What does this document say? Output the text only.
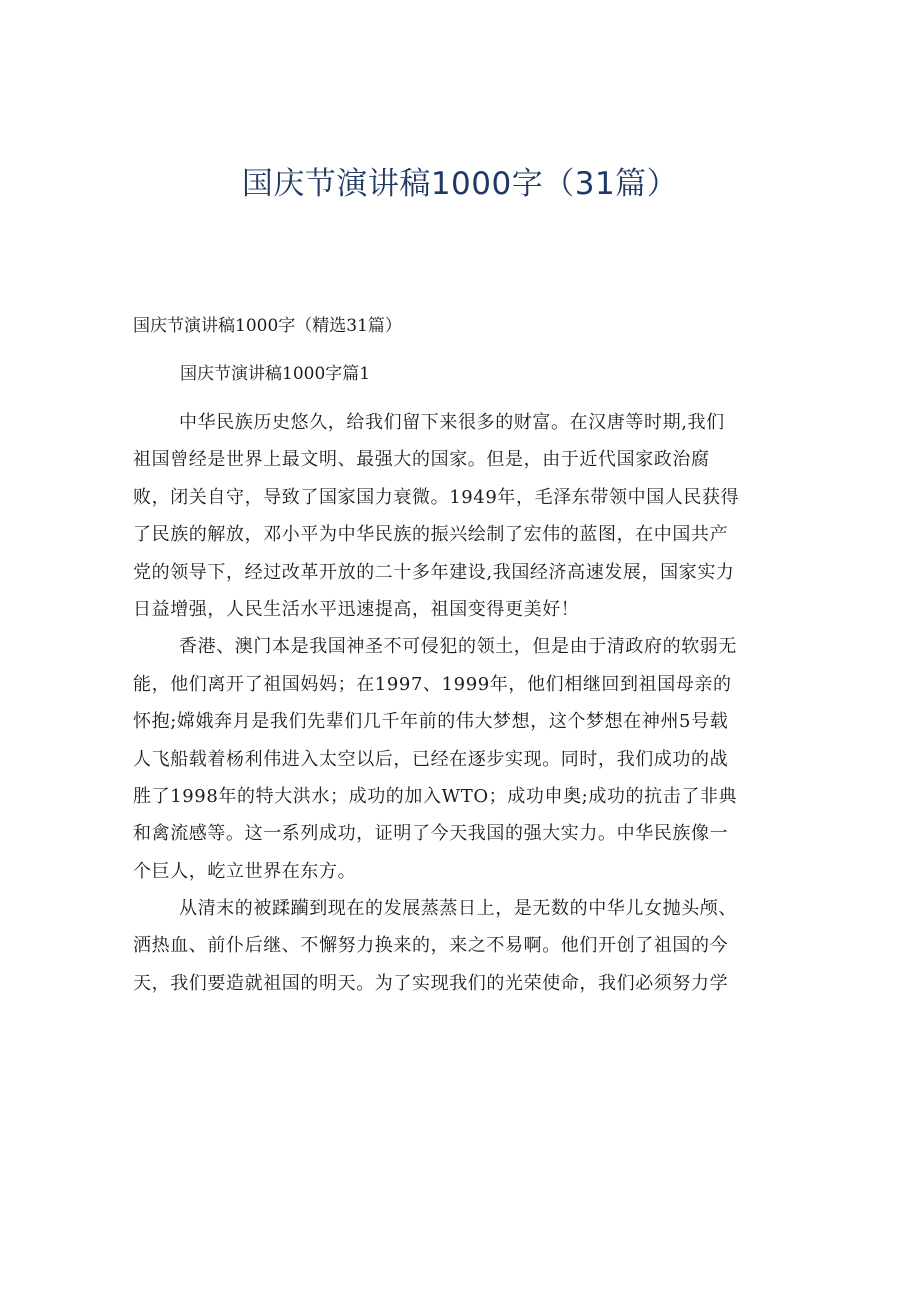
国庆节演讲稿1000字（31篇）
国庆节演讲稿1000字（精选31篇）
国庆节演讲稿1000字篇1
中华民族历史悠久，给我们留下来很多的财富。在汉唐等时期,我们
祖国曾经是世界上最文明、最强大的国家。但是，由于近代国家政治腐
败，闭关自守，导致了国家国力衰微。1949年，毛泽东带领中国人民获得
了民族的解放，邓小平为中华民族的振兴绘制了宏伟的蓝图，在中国共产
党的领导下，经过改革开放的二十多年建设,我国经济高速发展，国家实力
日益增强，人民生活水平迅速提高，祖国变得更美好！
香港、澳门本是我国神圣不可侵犯的领土，但是由于清政府的软弱无
能，他们离开了祖国妈妈；在1997、1999年，他们相继回到祖国母亲的
怀抱;嫦娥奔月是我们先辈们几千年前的伟大梦想，这个梦想在神州5号载
人飞船载着杨利伟进入太空以后，已经在逐步实现。同时，我们成功的战
胜了1998年的特大洪水；成功的加入WTO；成功申奥;成功的抗击了非典
和禽流感等。这一系列成功，证明了今天我国的强大实力。中华民族像一
个巨人，屹立世界在东方。
从清末的被蹂躏到现在的发展蒸蒸日上，是无数的中华儿女抛头颅、
洒热血、前仆后继、不懈努力换来的，来之不易啊。他们开创了祖国的今
天，我们要造就祖国的明天。为了实现我们的光荣使命，我们必须努力学
